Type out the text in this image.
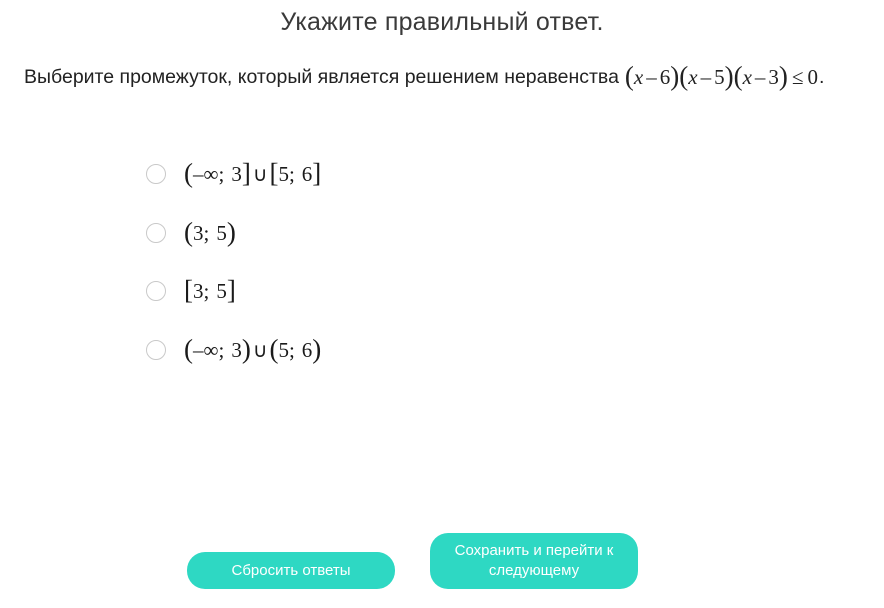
Укажите правильный ответ.
Выберите промежуток, который является решением неравенства ( x – 6 ) ( x – 5 ) ( x – 3 ) ≤ 0 .
( –∞; 3 ] ∪ [ 5; 6 ]
( 3; 5 )
[ 3; 5 ]
( –∞; 3 ) ∪ ( 5; 6 )
Сбросить ответы
Сохранить и перейти к следующему
